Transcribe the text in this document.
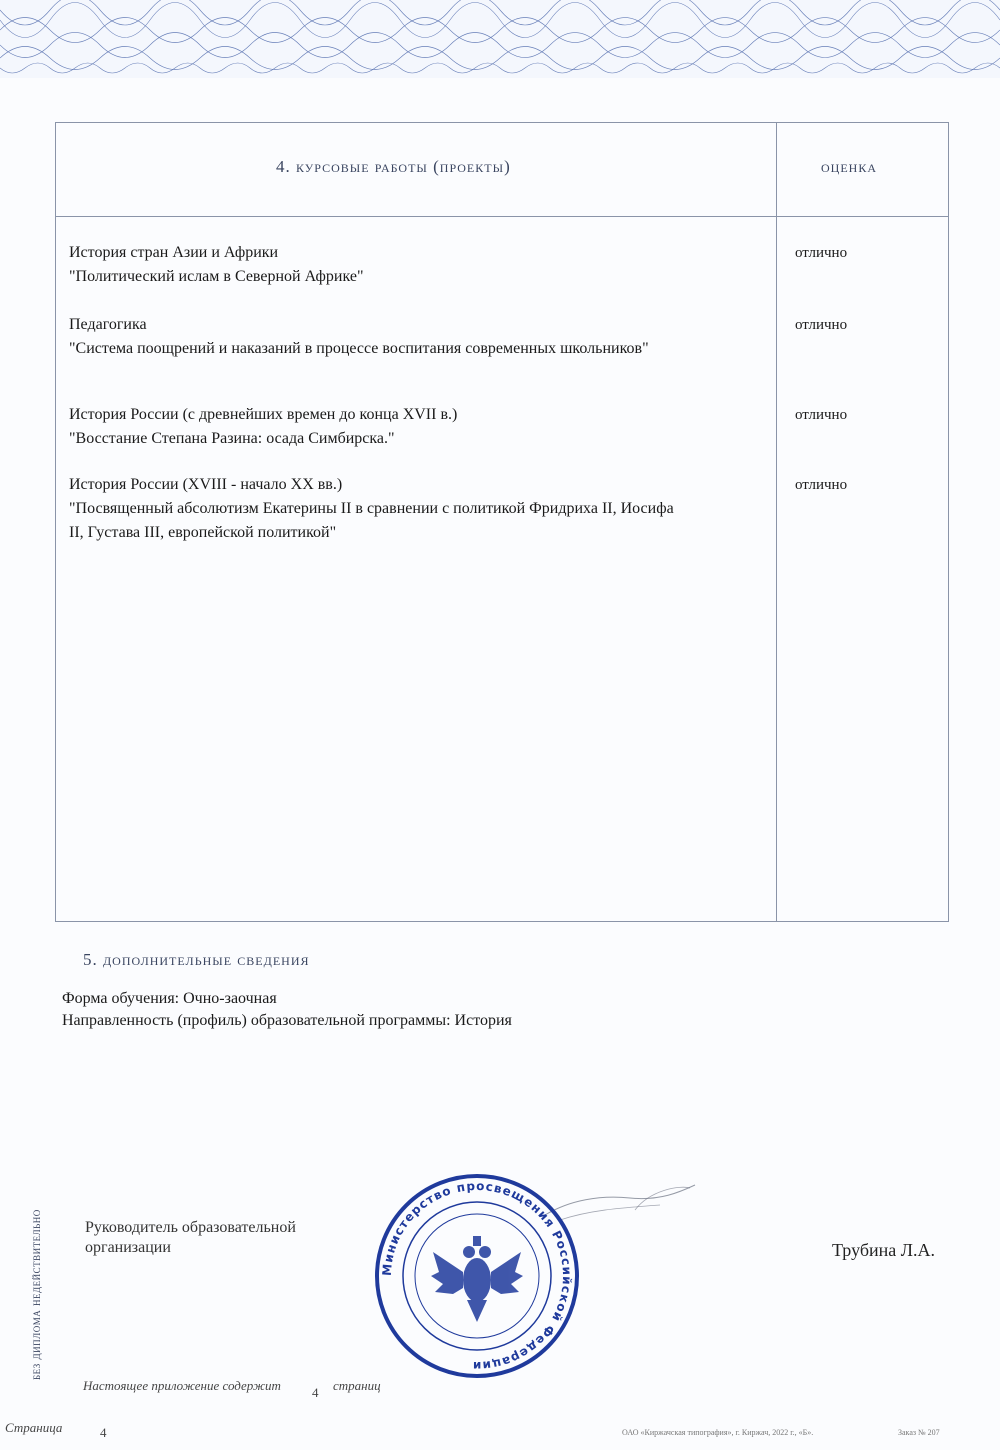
4. курсовые работы (проекты)	оценка
История стран Азии и Африки
"Политический ислам в Северной Африке"
отлично
Педагогика
"Система поощрений и наказаний в процессе воспитания современных школьников"
отлично
История России (с древнейших времен до конца XVII в.)
"Восстание Степана Разина: осада Симбирска."
отлично
История России (XVIII - начало XX вв.)
"Посвященный абсолютизм Екатерины II в сравнении с политикой Фридриха II, Иосифа II, Густава III, европейской политикой"
отлично
5. дополнительные сведения
Форма обучения: Очно-заочная
Направленность (профиль) образовательной программы: История
без диплома недействительно	Руководитель образовательной
организации
Министерство просвещения Российской Федерации
Трубина Л.А.
Настоящее приложение содержит 4 страниц
Страница	4	ОАО «Киржачская типография», г. Киржач, 2022 г., «Б».	Заказ № 207
